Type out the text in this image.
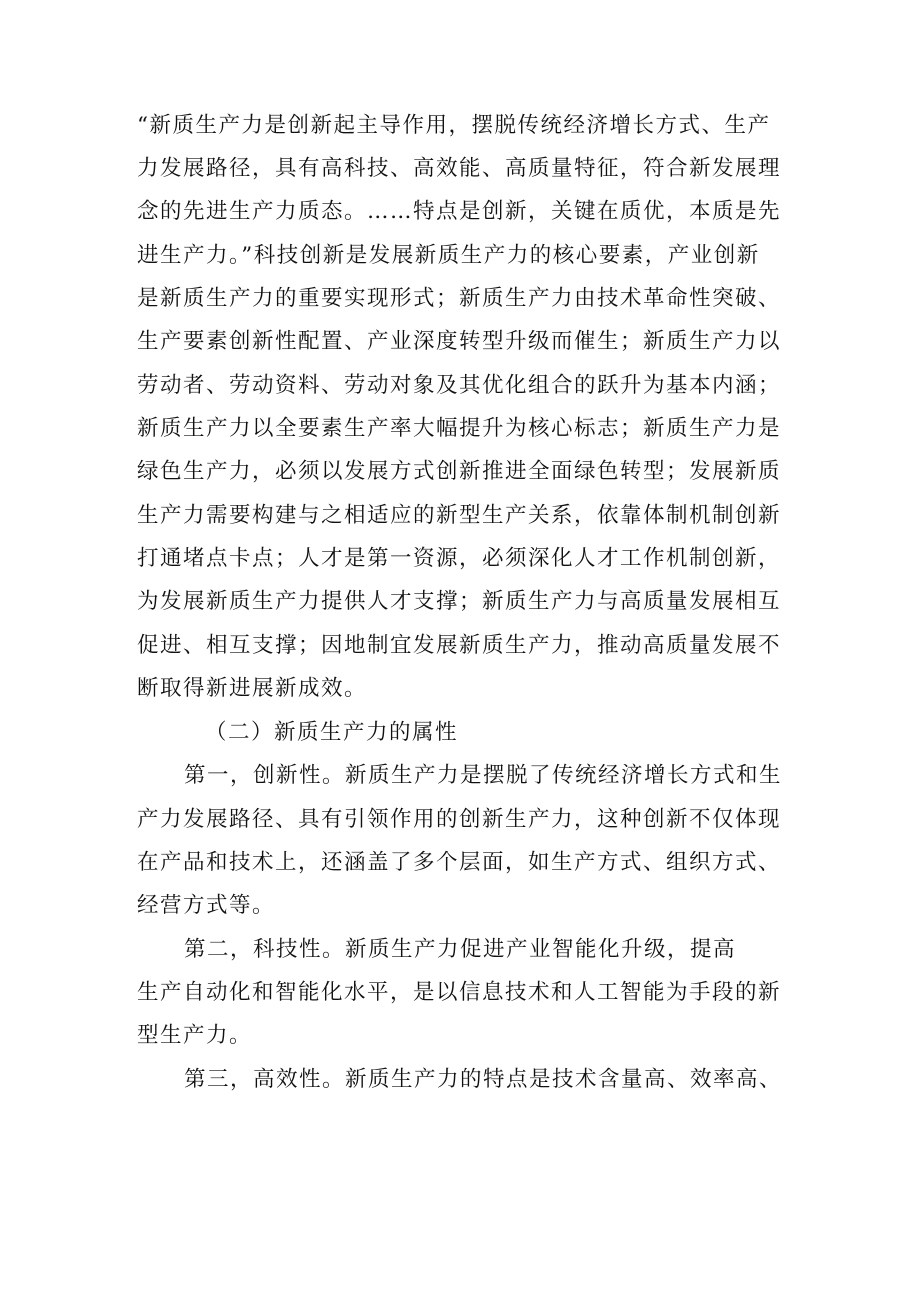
“新质生产力是创新起主导作用，摆脱传统经济增长方式、生产
力发展路径，具有高科技、高效能、高质量特征，符合新发展理
念的先进生产力质态。……特点是创新，关键在质优，本质是先
进生产力。”科技创新是发展新质生产力的核心要素，产业创新
是新质生产力的重要实现形式；新质生产力由技术革命性突破、
生产要素创新性配置、产业深度转型升级而催生；新质生产力以
劳动者、劳动资料、劳动对象及其优化组合的跃升为基本内涵；
新质生产力以全要素生产率大幅提升为核心标志；新质生产力是
绿色生产力，必须以发展方式创新推进全面绿色转型；发展新质
生产力需要构建与之相适应的新型生产关系，依靠体制机制创新
打通堵点卡点；人才是第一资源，必须深化人才工作机制创新，
为发展新质生产力提供人才支撑；新质生产力与高质量发展相互
促进、相互支撑；因地制宜发展新质生产力，推动高质量发展不
断取得新进展新成效。
（二）新质生产力的属性
第一，创新性。新质生产力是摆脱了传统经济增长方式和生
产力发展路径、具有引领作用的创新生产力，这种创新不仅体现
在产品和技术上，还涵盖了多个层面，如生产方式、组织方式、
经营方式等。
第二，科技性。新质生产力促进产业智能化升级，提高
生产自动化和智能化水平，是以信息技术和人工智能为手段的新
型生产力。
第三，高效性。新质生产力的特点是技术含量高、效率高、
